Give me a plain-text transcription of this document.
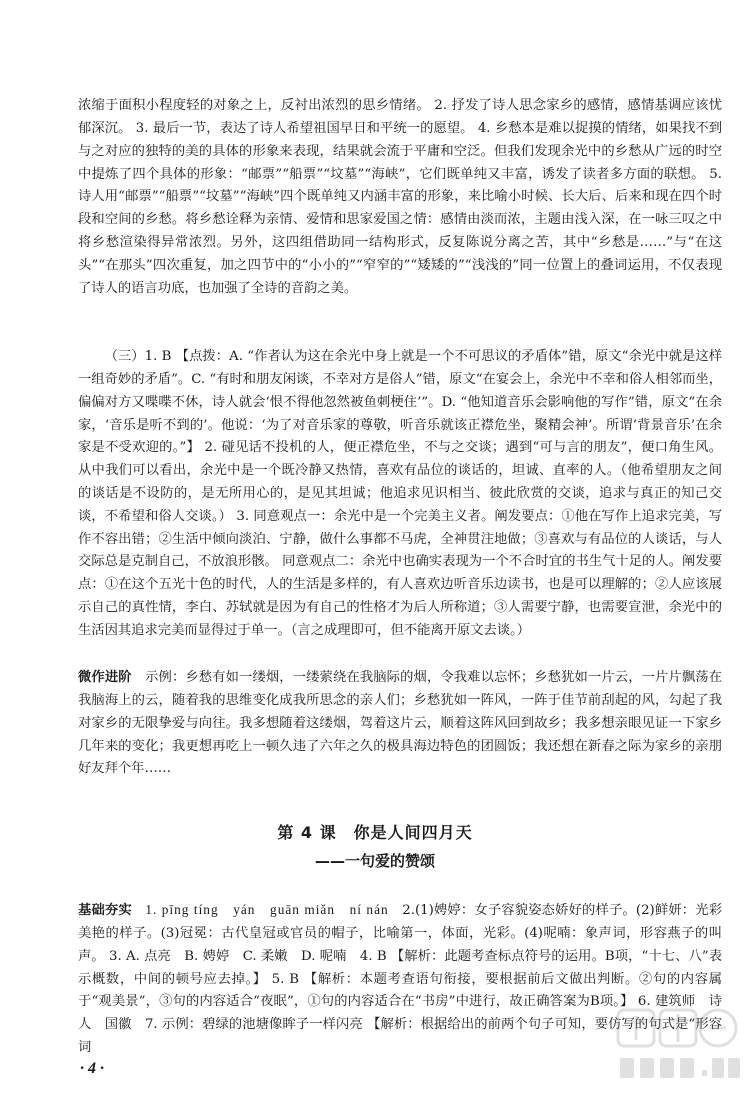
浓缩于面积小程度轻的对象之上，反衬出浓烈的思乡情绪。 2. 抒发了诗人思念家乡的感情，感情基调应该忧郁深沉。 3. 最后一节，表达了诗人希望祖国早日和平统一的愿望。 4. 乡愁本是难以捉摸的情绪，如果找不到与之对应的独特的美的具体的形象来表现，结果就会流于平庸和空泛。但我们发现余光中的乡愁从广远的时空中提炼了四个具体的形象：“邮票”“船票”“坟墓”“海峡”，它们既单纯又丰富，诱发了读者多方面的联想。 5. 诗人用“邮票”“船票”“坟墓”“海峡”四个既单纯又内涵丰富的形象，来比喻小时候、长大后、后来和现在四个时段和空间的乡愁。将乡愁诠释为亲情、爱情和思家爱国之情：感情由淡而浓，主题由浅入深，在一咏三叹之中将乡愁渲染得异常浓烈。另外，这四组借助同一结构形式，反复陈说分离之苦，其中“乡愁是……”与“在这头”“在那头”四次重复，加之四节中的“小小的”“窄窄的”“矮矮的”“浅浅的”同一位置上的叠词运用，不仅表现了诗人的语言功底，也加强了全诗的音韵之美。

（三）1. B 【点拨：A. “作者认为这在余光中身上就是一个不可思议的矛盾体”错，原文“余光中就是这样一组奇妙的矛盾”。C. “有时和朋友闲谈，不幸对方是俗人”错，原文“在宴会上，余光中不幸和俗人相邻而坐，偏偏对方又喋喋不休，诗人就会‘恨不得他忽然被鱼刺梗住’”。D. “他知道音乐会影响他的写作”错，原文“在余家，‘音乐是听不到的’。他说：‘为了对音乐家的尊敬，听音乐就该正襟危坐，聚精会神’。所谓‘背景音乐’在余家是不受欢迎的。”】 2. 碰见话不投机的人，便正襟危坐，不与之交谈；遇到“可与言的朋友”，便口角生风。从中我们可以看出，余光中是一个既冷静又热情，喜欢有品位的谈话的，坦诚、直率的人。（他希望朋友之间的谈话是不设防的，是无所用心的，是见其坦诚；他追求见识相当、彼此欣赏的交谈，追求与真正的知己交谈，不希望和俗人交谈。） 3. 同意观点一：余光中是一个完美主义者。阐发要点：①他在写作上追求完美，写作不容出错；②生活中倾向淡泊、宁静，做什么事都不马虎，全神贯注地做；③喜欢与有品位的人谈话，与人交际总是克制自己，不放浪形骸。 同意观点二：余光中也确实表现为一个不合时宜的书生气十足的人。阐发要点：①在这个五光十色的时代，人的生活是多样的，有人喜欢边听音乐边读书，也是可以理解的；②人应该展示自己的真性情，李白、苏轼就是因为有自己的性格才为后人所称道；③人需要宁静，也需要宣泄，余光中的生活因其追求完美而显得过于单一。（言之成理即可，但不能离开原文去谈。）

微作进阶　 示例：乡愁有如一缕烟，一缕萦绕在我脑际的烟，令我难以忘怀；乡愁犹如一片云，一片片飘荡在我脑海上的云，随着我的思维变化成我所思念的亲人们；乡愁犹如一阵风，一阵于佳节前刮起的风，勾起了我对家乡的无限挚爱与向往。我多想随着这缕烟，驾着这片云，顺着这阵风回到故乡；我多想亲眼见证一下家乡几年来的变化；我更想再吃上一顿久违了六年之久的极具海边特色的团圆饭；我还想在新春之际为家乡的亲朋好友拜个年……

第 4 课　你是人间四月天
——一句爱的赞颂

基础夯实　 1. pīng tíng　yán　guān miǎn　ní nán　 2.(1)娉婷：女子容貌姿态娇好的样子。(2)鲜妍：光彩美艳的样子。(3)冠冕：古代皇冠或官员的帽子，比喻第一，体面，光彩。(4)呢喃：象声词，形容燕子的叫声。 3. A. 点亮　B. 娉婷　C. 柔嫩　D. 呢喃　4. B 【解析：此题考查标点符号的运用。B项，“十七、八”表示概数，中间的顿号应去掉。】 5. B 【解析：本题考查语句衔接，要根据前后文做出判断。②句的内容属于“观美景”，③句的内容适合“夜眠”，①句的内容适合在“书房”中进行，故正确答案为B项。】 6. 建筑师　诗人　国徽　7. 示例：碧绿的池塘像眸子一样闪亮 【解析：根据给出的前两个句子可知，要仿写的句式是“形容词

· 4 ·
